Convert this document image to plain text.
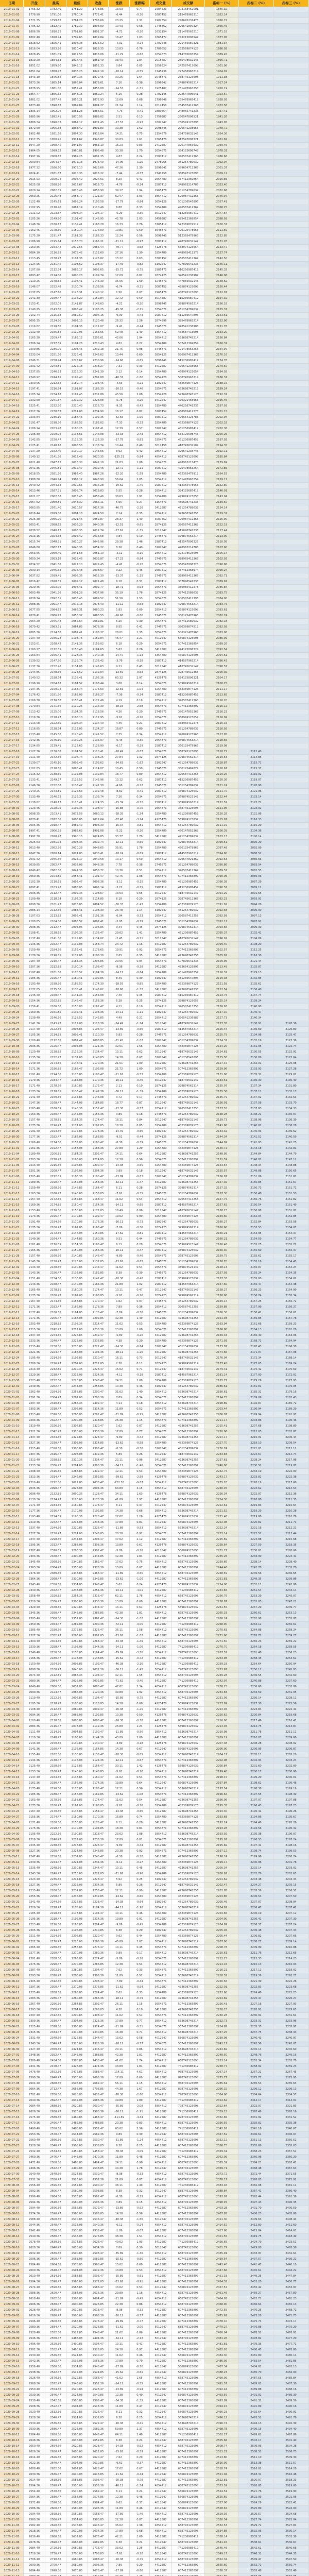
日期	开盘	最高	最低	收盘	涨跌	涨跌幅	成交量	成交额	指标一 (%)	指标二 (%)	指标三 (%)
2019-01-02	1765.32	1782.40	1751.20	1778.85	13.53	0.77	1584523	203158462501	1845.32
2019-01-03	1778.90	1791.06	1760.14	1772.41	-6.44	-0.36	1687452	215478962310	1852.14
2019-01-04	1771.35	1799.62	1764.28	1795.66	23.25	1.31	1902354	248695231478	1860.72
2019-01-07	1796.12	1812.45	1789.30	1806.09	10.43	0.58	1745862	226541897324	1866.45
2019-01-08	1806.50	1810.22	1791.08	1801.37	-4.72	-0.26	1632154	211478563210	1871.18
2019-01-09	1802.40	1828.74	1799.65	1819.84	18.47	1.03	1865472	243215896547	1877.05
2019-01-10	1818.62	1826.41	1806.38	1815.52	-4.32	-0.24	1702548	221456987321	1881.34
2019-01-11	1816.04	1833.26	1810.47	1829.35	13.83	0.76	1789652	232569874125	1886.02
2019-01-14	1828.45	1831.09	1812.56	1818.06	-11.29	-0.62	1654873	214785693254	1889.45
2019-01-15	1819.20	1854.63	1817.45	1851.49	33.43	1.84	2015487	265478932145	1895.71
2019-01-16	1851.02	1859.80	1843.12	1852.33	0.84	0.05	1856324	242587413698	1901.06
2019-01-17	1851.64	1858.47	1838.25	1842.19	-10.14	-0.55	1745236	227458963214	1904.92
2019-01-18	1843.10	1876.52	1840.36	1872.45	30.26	1.64	2045871	268745123698	1911.38
2019-01-21	1873.26	1885.14	1866.04	1879.61	7.16	0.38	1896542	249874563214	1917.24
2019-01-22	1878.95	1881.30	1852.41	1855.08	-24.53	-1.31	1925487	251478963258	1920.19
2019-01-23	1854.77	1866.32	1848.15	1860.24	5.16	0.28	1702145	222547896541	1923.67
2019-01-24	1861.02	1877.45	1856.21	1872.93	12.69	0.68	1798546	235478965412	1928.03
2019-01-25	1873.40	1898.62	1869.84	1894.27	21.34	1.14	2012458	264587412365	1933.58
2019-01-28	1895.14	1902.76	1881.23	1886.51	-7.76	-0.41	1889654	248965741236	1937.41
2019-01-29	1885.96	1892.41	1870.56	1889.02	2.51	0.13	1756987	230547896521	1941.26
2019-01-30	1888.34	1890.02	1867.17	1871.45	-17.57	-0.93	1802547	236574125896	1943.05
2019-01-31	1872.60	1905.38	1868.42	1901.83	30.38	1.62	2098745	276541238965	1948.72
2019-02-01	1902.48	1921.36	1897.30	1916.04	14.21	0.75	2154876	284759632145	1954.36
2019-02-11	1917.35	1950.21	1914.62	1946.87	30.83	1.61	2365478	312547896321	1961.82
2019-02-12	1947.20	1968.45	1941.07	1963.10	16.23	0.83	2412587	320147856932	1969.45
2019-02-13	1964.05	1999.72	1960.81	1996.48	33.38	1.70	2654871	354123698745	1978.31
2019-02-14	1997.16	2008.62	1989.25	2001.35	4.87	0.24	2587412	346587412365	1986.66
2019-02-15	2000.84	2004.37	1972.18	1976.40	-24.95	-1.25	2478965	331254789632	1992.04
2019-02-18	1977.32	2026.50	1975.10	2023.66	47.26	2.39	2896541	389654712365	2001.37
2019-02-19	2024.41	2031.87	2010.35	2016.22	-7.44	-0.37	2741258	368547123698	2009.12
2019-02-20	2015.93	2029.74	2006.42	2024.51	8.29	0.41	2654789	357412369854	2016.85
2019-02-21	2025.08	2038.26	2012.67	2019.73	-4.78	-0.24	2587412	348963214785	2023.40
2019-02-22	2020.14	2062.35	2018.46	2058.90	39.17	1.94	2965478	401254789632	2032.68
2019-02-25	2060.25	2126.48	2058.77	2121.37	62.47	3.03	3854712	526987412365	2045.97
2019-02-26	2122.40	2145.63	2095.24	2103.58	-17.79	-0.84	3654128	501236547896	2057.41
2019-02-27	2102.95	2118.40	2087.19	2110.46	6.88	0.33	3254789	446587412369	2068.25
2019-02-28	2111.02	2123.57	2098.34	2104.17	-6.29	-0.30	3012547	413256987412	2077.64
2019-03-01	2105.26	2149.80	2101.47	2146.95	42.78	2.03	3456987	475412369854	2088.92
2019-03-04	2148.36	2180.62	2139.41	2163.28	16.33	0.76	3785412	522369874512	2100.37
2019-03-05	2162.45	2178.30	2150.14	2174.09	10.81	0.50	3545871	490125478963	2111.59
2019-03-06	2175.20	2191.47	2161.38	2186.33	12.24	0.56	3698745	512365478965	2122.85
2019-03-07	2186.90	2195.64	2158.70	2165.21	-21.12	-0.97	3587412	498745632147	2131.26
2019-03-08	2160.35	2163.42	2079.56	2085.44	-79.77	-3.68	4125478	568974123654	2133.47
2019-03-11	2084.10	2116.85	2078.42	2112.60	27.16	1.30	3254789	448965412378	2137.74
2019-03-12	2113.45	2138.27	2107.36	2125.82	13.22	0.63	3387452	466587412369	2142.50
2019-03-13	2124.96	2131.45	2103.62	2108.37	-17.45	-0.82	3102547	427896541236	2145.11
2019-03-14	2107.80	2112.34	2086.17	2092.65	-15.72	-0.75	2985471	410256987412	2145.32
2019-03-15	2093.42	2114.06	2090.28	2109.74	17.09	0.82	2874125	396541236987	2146.06
2019-03-18	2110.26	2148.52	2106.41	2145.30	35.56	1.69	3245871	447856932145	2148.62
2019-03-19	2146.07	2152.48	2130.74	2138.56	-6.74	-0.31	3087452	425874123698	2150.44
2019-03-20	2137.85	2147.60	2126.31	2140.12	1.56	0.07	2965478	408745123698	2152.07
2019-03-21	2141.30	2159.47	2134.29	2152.84	12.72	0.59	3014587	415236987412	2154.32
2019-03-22	2153.41	2162.05	2141.87	2148.63	-4.21	-0.20	2898745	399874563214	2156.18
2019-03-25	2140.25	2143.30	2098.42	2103.25	-45.38	-2.11	3354871	461254789632	2155.37
2019-03-26	2102.74	2115.38	2089.62	2094.16	-9.09	-0.43	2987412	411236547896	2153.61
2019-03-27	2095.35	2124.70	2092.15	2120.48	26.32	1.26	2874596	395478963214	2152.96
2019-03-28	2119.82	2128.56	2104.36	2111.07	-9.41	-0.44	2745871	378541236985	2151.78
2019-03-29	2112.40	2165.82	2110.95	2163.55	52.48	2.49	3354712	462587413698	2153.20
2019-04-01	2165.30	2209.47	2163.12	2205.61	42.06	1.94	3854712	533698745214	2156.84
2019-04-02	2206.14	2217.35	2194.26	2210.43	4.82	0.22	3654789	507412369854	2160.31
2019-04-03	2209.86	2236.70	2203.45	2232.18	21.75	0.98	3745871	521478963258	2164.97
2019-04-04	2233.04	2251.36	2226.41	2245.62	13.44	0.60	3854125	536987412365	2170.16
2019-04-08	2246.31	2258.44	2225.67	2230.96	-14.66	-0.65	3698741	515236987412	2174.78
2019-04-09	2231.42	2243.51	2222.18	2238.27	7.31	0.33	3412587	476541238965	2179.50
2019-04-10	2237.85	2246.93	2216.30	2241.39	3.12	0.14	3354789	468974123654	2184.02
2019-04-11	2240.92	2244.15	2195.40	2201.08	-40.31	-1.80	3654128	508745963214	2186.31
2019-04-12	2200.56	2212.32	2189.74	2196.45	-4.63	-0.21	3102547	432569874125	2188.15
2019-04-15	2197.41	2216.84	2181.07	2186.30	-10.15	-0.46	3254871	453698745213	2189.24
2019-04-16	2185.74	2234.18	2182.45	2231.86	45.56	2.08	3754128	523698745123	2192.31
2019-04-17	2232.60	2241.57	2219.32	2226.08	-5.78	-0.26	3412547	476321458963	2195.46
2019-04-18	2225.41	2232.76	2210.40	2216.73	-9.35	-0.42	3154789	440258741236	2197.93
2019-04-19	2217.36	2238.52	2211.08	2234.90	18.17	0.82	3287452	458965412378	2201.15
2019-04-22	2233.84	2236.10	2187.46	2192.35	-42.55	-1.90	3587412	499654123785	2202.04
2019-04-23	2191.47	2198.36	2168.52	2185.02	-7.33	-0.33	3254789	452369874125	2202.18
2019-04-24	2186.14	2203.48	2180.25	2197.41	12.39	0.57	3102547	431256987412	2202.36
2019-04-25	2196.30	2199.02	2138.61	2144.08	-53.33	-2.43	3854712	534125698745	2200.26
2019-04-26	2142.85	2150.47	2118.36	2126.30	-17.78	-0.83	3254871	451236987452	2197.02
2019-04-29	2125.41	2140.18	2098.56	2136.74	10.44	0.49	3012458	418745632189	2194.35
2019-04-30	2137.29	2152.40	2130.17	2145.66	8.92	0.42	2854712	396541238745	2192.11
2019-05-06	2140.12	2141.36	2012.48	2020.35	-125.31	-5.84	4854712	668745123698	2185.84
2019-05-07	2021.40	2047.62	2016.30	2042.18	21.83	1.08	3254871	448963215478	2179.69
2019-05-08	2041.36	2045.81	2012.47	2019.46	-22.72	-1.11	3087412	425478963254	2172.86
2019-05-09	2018.55	2021.36	1982.40	1987.26	-32.20	-1.59	3354789	462365478912	2164.53
2019-05-10	1988.30	2046.74	1985.12	2043.90	56.64	2.85	3854712	531478963254	2159.17
2019-05-13	2040.42	2044.38	2010.65	2014.28	-29.62	-1.45	2987412	412365478963	2152.80
2019-05-14	2013.46	2027.31	2005.74	2019.83	5.55	0.28	2854712	394125687412	2146.91
2019-05-15	2021.07	2062.38	2018.45	2058.46	38.63	1.91	3254789	449874123658	2143.04
2019-05-16	2057.62	2069.51	2048.32	2064.11	5.65	0.27	3154871	435698741236	2139.50
2019-05-17	2063.85	2071.40	2010.57	2017.36	-46.75	-2.26	3412587	471254789632	2134.14
2019-05-20	2016.44	2029.36	2004.18	2024.50	7.14	0.35	2854712	393658741256	2129.31
2019-05-21	2025.38	2056.70	2021.46	2052.87	28.37	1.40	3087452	426987412365	2125.90
2019-05-22	2053.41	2058.62	2036.29	2040.36	-12.51	-0.61	2874125	396587412369	2122.19
2019-05-23	2038.52	2040.17	2008.35	2012.74	-27.62	-1.35	3012547	415698741236	2117.44
2019-05-24	2013.16	2024.38	2005.42	2016.58	3.84	0.19	2745871	379874563214	2113.00
2019-05-27	2015.74	2048.31	2010.27	2045.96	29.38	1.46	2987412	412547896325	2110.05
2019-05-28	2046.80	2062.17	2040.35	2054.22	8.26	0.40	3102547	428963214785	2107.60
2019-05-29	2053.65	2059.40	2041.58	2051.10	-3.12	-0.15	2854712	394178523698	2105.14
2019-05-30	2050.24	2053.18	2028.46	2033.87	-17.23	-0.84	2745871	378965412365	2102.03
2019-05-31	2034.52	2041.36	2022.10	2029.45	-4.42	-0.22	2654871	366547896325	2098.86
2019-06-03	2030.14	2045.62	2016.48	2038.67	9.22	0.45	2587412	357412368974	2096.24
2019-06-04	2037.82	2039.41	2008.36	2015.30	-23.37	-1.15	2745871	378965412365	2092.71
2019-06-05	2016.42	2028.35	2009.17	2021.48	6.18	0.31	2587412	357896541236	2089.61
2019-06-06	2020.35	2023.06	1996.41	2002.77	-18.71	-0.93	2654871	366985412378	2085.84
2019-06-10	2003.40	2041.36	2001.28	2037.96	35.19	1.76	2874125	397412589632	2083.75
2019-06-11	2038.74	2092.31	2036.45	2089.52	51.56	2.53	3654871	506587412396	2084.00
2019-06-12	2088.36	2091.47	2072.18	2078.40	-11.12	-0.53	3102547	429874563214	2083.76
2019-06-13	2077.85	2084.62	2066.31	2080.23	1.83	0.09	2854712	395874123698	2083.61
2019-06-14	2079.41	2086.72	2058.37	2063.55	-16.68	-0.80	2745871	380125478963	2082.74
2019-06-17	2064.20	2075.48	2052.64	2069.81	6.26	0.30	2654871	367412589632	2082.18
2019-06-18	2070.42	2083.71	2064.85	2078.36	8.55	0.41	2745871	380369874512	2082.02
2019-06-19	2085.36	2124.58	2082.41	2106.37	28.01	1.35	3654871	506321478963	2083.06
2019-06-20	2107.40	2156.28	2103.75	2152.84	46.47	2.21	4012547	556874123698	2086.09
2019-06-21	2153.61	2168.42	2141.36	2159.02	6.18	0.29	3654871	507412369854	2089.26
2019-06-24	2160.27	2172.35	2150.48	2164.65	5.63	0.26	3412587	474125896324	2092.54
2019-06-25	2163.84	2166.41	2128.36	2140.18	-24.47	-1.13	3354789	465874123698	2094.61
2019-06-26	2139.52	2147.30	2128.74	2136.42	-3.76	-0.18	2987412	414587963214	2096.43
2019-06-27	2137.36	2152.48	2134.06	2145.63	9.21	0.43	3012547	418745632147	2098.57
2019-06-28	2144.85	2148.36	2124.52	2132.04	-13.59	-0.63	2874125	398745612365	2100.02
2019-07-01	2140.52	2198.74	2138.41	2195.36	63.32	2.97	4125478	574125896321	2104.17
2019-07-02	2196.10	2204.63	2184.52	2198.44	3.08	0.14	3654871	509874563214	2108.25
2019-07-03	2197.35	2199.02	2168.74	2175.63	-22.81	-1.04	3254789	452369874125	2111.17
2019-07-04	2176.42	2181.36	2162.08	2168.27	-7.36	-0.34	2987412	415236987452	2113.65
2019-07-05	2169.30	2176.58	2158.41	2172.46	4.19	0.19	2854712	396587412365	2116.20
2019-07-08	2170.84	2171.36	2110.25	2114.30	-58.16	-2.68	3654871	507412365897	2116.12
2019-07-09	2113.42	2125.06	2104.36	2118.56	4.26	0.20	2745871	380147852369	2116.23
2019-07-10	2119.36	2128.47	2108.10	2112.95	-5.61	-0.26	2654871	368974123654	2116.09
2019-07-11	2113.08	2122.65	2106.34	2117.40	4.45	0.21	2587412	358965412378	2116.15
2019-07-12	2116.85	2138.74	2112.05	2134.27	16.87	0.80	2745871	381254789632	2116.92
2019-07-15	2133.40	2145.36	2120.48	2141.52	7.25	0.34	2854712	396874125963	2117.95
2019-07-16	2142.36	2146.10	2130.25	2135.07	-6.45	-0.30	2654871	369874563214	2118.66
2019-07-17	2134.85	2139.41	2122.63	2128.90	-6.17	-0.29	2587412	360125478963	2119.08
2019-07-18	2127.36	2130.08	2104.52	2110.41	-18.49	-0.87	2654871	368745123698	2118.72	2112.40
2019-07-19	2111.40	2142.36	2108.74	2138.25	27.84	1.32	2874125	399874562314	2119.53	2114.85
2019-07-22	2139.07	2145.10	2098.46	2103.62	-34.63	-1.62	3102547	431254789632	2118.87	2115.72
2019-07-23	2102.85	2118.36	2096.41	2114.07	10.45	0.50	2745871	380125469874	2118.67	2115.37
2019-07-24	2115.32	2138.65	2112.08	2132.84	18.77	0.89	2854712	396587413258	2119.25	2116.92
2019-07-25	2133.41	2149.37	2128.52	2145.96	13.12	0.62	2987412	415236987452	2120.36	2119.07
2019-07-26	2146.36	2152.08	2136.47	2141.30	-4.66	-0.22	2745871	381254789632	2121.24	2120.90
2019-07-29	2140.25	2143.85	2125.63	2132.48	-8.82	-0.41	2587412	359874125632	2121.70	2121.96
2019-07-30	2133.40	2146.72	2128.35	2139.74	7.26	0.34	2654871	369874523147	2122.44	2123.14
2019-07-31	2138.62	2140.17	2118.41	2124.35	-15.39	-0.72	2587412	359874563214	2122.52	2123.72
2019-08-01	2123.46	2128.05	2102.36	2108.47	-15.88	-0.75	2654871	368745123698	2121.96	2123.02
2019-08-02	2098.35	2103.41	2072.58	2080.12	-28.35	-1.34	3254789	451236987452	2120.28	2121.06
2019-08-05	2070.41	2072.36	2006.85	2012.64	-67.48	-3.24	4125478	569874125632	2115.97	2116.33
2019-08-06	2005.36	2018.47	1982.40	1996.30	-16.34	-0.81	3854712	531254789632	2111.19	2110.20
2019-08-07	1997.41	2006.35	1985.62	1991.08	-5.22	-0.26	3254789	450147852369	2106.39	2104.36
2019-08-08	1992.30	2028.47	1990.15	2024.85	33.77	1.70	3412587	471254789632	2103.13	2100.14
2019-08-09	2025.63	2031.04	2008.36	2012.74	-12.11	-0.60	3102547	429874563214	2099.51	2095.20
2019-08-12	2013.40	2052.36	2010.28	2048.65	35.91	1.78	3254789	450125478963	2097.48	2092.09
2019-08-13	2047.36	2050.14	2024.85	2030.41	-18.24	-0.89	2987412	414587963214	2094.80	2088.52
2019-08-14	2031.42	2045.36	2025.17	2040.58	10.17	0.50	2854712	396547821369	2092.63	2085.66
2019-08-15	2039.85	2052.47	2032.08	2048.36	7.78	0.38	2745871	381254789632	2090.86	2083.54
2019-08-16	2049.42	2062.30	2041.36	2058.72	10.36	0.51	2854712	396587412369	2089.57	2082.55
2019-08-19	2060.36	2104.85	2058.41	2101.47	42.75	2.08	3654871	507412365897	2090.05	2085.06
2019-08-20	2102.30	2110.65	2092.47	2098.36	-3.11	-0.15	3254789	451236987452	2090.38	2087.29
2019-08-21	2097.41	2103.28	2088.05	2095.14	-3.22	-0.15	2987412	415236987452	2090.57	2089.12
2019-08-22	2096.36	2112.47	2092.36	2108.67	13.53	0.65	3012547	418745632147	2091.29	2091.65
2019-08-23	2109.40	2118.74	2102.36	2114.85	6.18	0.29	2874125	398745612365	2092.23	2093.91
2019-08-26	2098.36	2101.47	2076.85	2084.52	-30.33	-1.43	3254789	452369874125	2091.92	2094.20
2019-08-27	2086.14	2112.36	2083.41	2108.30	23.78	1.14	3102547	431254789632	2092.58	2096.00
2019-08-28	2107.63	2113.85	2096.41	2101.36	-6.94	-0.33	2854712	396587413258	2092.93	2097.13
2019-08-29	2100.85	2104.36	2088.52	2097.41	-3.95	-0.19	2745871	381254789632	2093.11	2097.92
2019-08-30	2098.36	2112.47	2094.06	2106.85	9.44	0.45	2874125	399874562314	2093.66	2099.39
2019-09-02	2108.41	2138.65	2106.36	2136.47	29.62	1.41	3254789	451236987452	2095.37	2102.41
2019-09-03	2137.40	2141.36	2125.85	2134.02	-2.45	-0.11	3012547	418745632147	2096.92	2104.89
2019-09-04	2135.36	2162.47	2132.08	2158.74	24.72	1.16	3412587	471254789632	2099.40	2108.20
2019-09-05	2159.40	2184.36	2155.41	2178.65	19.91	0.92	3654871	507412365897	2102.57	2112.25
2019-09-06	2179.36	2190.85	2172.06	2186.30	7.65	0.35	3412587	473698741256	2105.92	2116.30
2019-09-09	2187.40	2210.47	2184.36	2206.85	20.55	0.94	3654871	507896541236	2109.95	2121.44
2019-09-10	2207.36	2212.85	2190.14	2198.47	-8.38	-0.38	3412587	473654125896	2113.49	2125.87
2019-09-11	2197.40	2201.36	2178.52	2184.36	-14.11	-0.64	3254789	451478963254	2116.32	2129.13
2019-09-12	2185.36	2196.47	2180.41	2192.85	8.49	0.39	3102547	431236547896	2119.38	2132.85
2019-09-16	2193.40	2198.36	2168.52	2174.30	-18.55	-0.85	3254789	452369874125	2121.58	2135.61
2019-09-17	2172.85	2175.36	2138.41	2145.62	-28.68	-1.32	3412587	473698541236	2122.54	2136.40
2019-09-18	2146.40	2158.47	2141.36	2153.08	7.46	0.35	2987412	415236987412	2123.76	2137.74
2019-09-19	2154.36	2162.85	2146.47	2158.36	5.28	0.25	2874125	399874123658	2125.14	2139.24
2019-09-20	2159.41	2166.36	2150.08	2162.47	4.11	0.19	2854712	396587413258	2126.63	2140.90
2019-09-23	2160.36	2161.85	2132.41	2138.36	-24.11	-1.11	3102547	431254789632	2127.10	2140.47
2019-09-24	2139.40	2146.36	2128.52	2142.85	4.49	0.21	2854712	396541236987	2127.73	2140.34
2019-09-25	2141.36	2143.47	2112.08	2118.36	-24.49	-1.14	3012547	418745632147	2127.35	2138.91	2128.36
2019-09-26	2117.40	2122.36	2098.85	2104.47	-13.89	-0.66	2987412	414587963214	2126.44	2136.69	2126.80
2019-09-27	2105.36	2114.85	2098.41	2110.30	5.83	0.28	2745871	381254789632	2125.79	2134.98	2125.47
2019-09-30	2109.40	2112.36	2082.47	2088.85	-21.45	-1.02	3102547	431254789632	2124.32	2132.19	2123.36
2019-10-08	2096.36	2126.47	2094.08	2121.36	32.51	1.56	3254789	452369874125	2124.20	2131.05	2122.74
2019-10-09	2120.40	2138.85	2116.36	2134.47	13.11	0.62	3012547	418745632147	2124.61	2130.55	2122.91
2019-10-10	2135.36	2152.47	2131.08	2148.85	14.38	0.67	3102547	431236547896	2125.58	2130.89	2123.64
2019-10-11	2149.40	2174.36	2146.41	2170.36	21.51	1.00	3412587	473698741256	2127.37	2132.01	2125.08
2019-10-14	2171.36	2196.85	2168.47	2192.08	21.72	1.00	3654871	507412365897	2129.96	2133.93	2127.28
2019-10-15	2191.40	2194.36	2176.85	2180.47	-11.61	-0.53	3254789	452369874125	2131.98	2135.32	2129.02
2019-10-16	2179.36	2184.47	2164.08	2170.36	-10.11	-0.46	3012547	418745632147	2133.51	2136.30	2130.40
2019-10-17	2171.40	2178.36	2160.85	2172.47	2.11	0.10	2874125	399874562314	2135.07	2137.34	2131.80
2019-10-18	2173.36	2178.85	2138.47	2142.36	-30.11	-1.39	3254789	452369874125	2135.36	2137.11	2132.17
2019-10-21	2141.40	2150.36	2134.85	2146.08	3.72	0.17	2745871	381254789632	2135.79	2137.02	2132.63
2019-10-22	2147.36	2168.47	2144.08	2164.85	18.77	0.87	3012547	418745632147	2136.91	2137.58	2133.70
2019-10-23	2163.40	2166.85	2148.36	2152.47	-12.38	-0.57	2854712	396587413258	2137.53	2137.83	2134.33
2019-10-24	2153.36	2160.47	2145.08	2156.36	3.89	0.18	2745871	381254789632	2138.28	2138.21	2135.07
2019-10-25	2157.40	2178.85	2154.36	2174.47	18.11	0.84	3012547	418745632147	2139.73	2138.96	2136.39
2019-10-28	2175.36	2196.47	2171.08	2192.85	18.38	0.85	3254789	452369874125	2141.86	2140.02	2138.28
2019-10-29	2191.40	2193.36	2172.85	2178.36	-14.49	-0.66	3102547	431254789632	2143.32	2140.93	2139.62
2019-10-30	2177.36	2182.47	2162.08	2168.85	-9.51	-0.44	2874125	399874562314	2144.34	2141.52	2140.59
2019-10-31	2169.40	2174.36	2155.85	2160.47	-8.38	-0.39	2745871	381254789632	2144.99	2141.93	2141.25
2019-11-01	2161.36	2192.47	2158.08	2188.36	27.89	1.29	3254789	452369874125	2146.72	2143.18	2142.81
2019-11-04	2189.40	2206.85	2184.36	2202.47	14.11	0.64	3412587	473698741256	2148.95	2144.84	2144.79
2019-11-05	2203.36	2218.47	2196.08	2214.85	12.38	0.56	3654871	507412365897	2151.59	2146.82	2147.12
2019-11-06	2213.40	2216.36	2196.85	2200.47	-14.38	-0.65	3254789	452369874125	2153.54	2148.34	2148.88
2019-11-07	2201.36	2208.47	2192.08	2204.36	3.89	0.18	3012547	418745632147	2155.57	2149.88	2150.65
2019-11-08	2205.40	2212.85	2186.36	2190.47	-13.89	-0.63	3102547	431254789632	2156.97	2151.09	2151.82
2019-11-11	2189.36	2190.47	2152.08	2158.36	-32.11	-1.47	3412587	473698741256	2157.02	2150.85	2151.67
2019-11-12	2159.40	2168.36	2148.85	2164.47	6.11	0.28	2874125	399874562314	2157.32	2150.73	2151.72
2019-11-13	2163.36	2166.47	2148.08	2156.85	-7.62	-0.35	2745871	381254789632	2157.30	2150.48	2151.53
2019-11-14	2157.40	2172.36	2152.85	2168.47	11.62	0.54	2854712	396587413258	2157.75	2150.76	2151.82
2019-11-15	2169.36	2174.85	2150.47	2154.36	-14.11	-0.65	2987412	414587963214	2157.62	2150.54	2151.49
2019-11-18	2153.40	2176.36	2150.08	2172.85	18.49	0.86	3012547	418745632147	2158.23	2150.98	2151.82
2019-11-19	2173.36	2196.47	2170.85	2192.47	19.62	0.90	3254789	452369874125	2159.60	2152.04	2152.85
2019-11-20	2191.40	2194.36	2170.08	2176.36	-16.11	-0.73	3102547	431254789632	2160.27	2152.84	2153.56
2019-11-21	2175.36	2180.47	2162.85	2168.47	-7.89	-0.36	2874125	399874562314	2160.60	2153.53	2154.07
2019-11-22	2169.40	2172.36	2146.08	2150.85	-17.62	-0.81	2987412	414587963214	2160.21	2153.95	2154.37
2019-11-25	2149.36	2164.47	2144.85	2160.36	9.51	0.44	2745871	381254789632	2160.21	2154.59	2154.77
2019-11-26	2161.40	2170.85	2154.36	2166.47	6.11	0.28	2654871	369874523147	2160.46	2155.25	2155.22
2019-11-27	2165.36	2168.47	2150.08	2156.36	-10.11	-0.47	2587412	359874125632	2160.30	2155.60	2155.37
2019-11-28	2157.40	2160.36	2140.85	2146.47	-9.89	-0.46	2654871	368745123698	2159.75	2155.61	2155.17
2019-11-29	2145.36	2150.47	2126.08	2132.85	-13.62	-0.63	2745871	381254789632	2158.70	2155.16	2154.45
2019-12-02	2133.40	2148.36	2130.85	2144.47	11.62	0.54	2654871	369874523147	2158.13	2155.07	2154.24
2019-12-03	2143.36	2156.47	2138.08	2152.85	8.38	0.39	2745871	381254789632	2157.93	2155.24	2154.35
2019-12-04	2151.40	2154.36	2136.85	2142.47	-10.38	-0.48	2587412	359874125632	2157.33	2155.00	2154.02
2019-12-05	2143.36	2168.47	2140.08	2164.36	21.89	1.02	2987412	414587963214	2157.60	2155.47	2154.38
2019-12-06	2165.40	2178.85	2160.36	2174.47	10.11	0.47	3012547	418745632147	2158.27	2156.23	2154.99
2019-12-09	2175.36	2180.47	2162.08	2168.85	-5.62	-0.26	2874125	399874562314	2158.68	2156.74	2155.34
2019-12-10	2167.40	2174.36	2158.85	2170.47	1.62	0.07	2745871	381254789632	2159.14	2157.25	2155.72
2019-12-11	2171.36	2182.47	2166.08	2178.36	7.89	0.36	2854712	396587413258	2159.88	2157.99	2156.27
2019-12-12	2177.40	2180.36	2164.85	2170.47	-7.89	-0.36	2745871	381254789632	2160.30	2158.42	2156.62
2019-12-13	2171.36	2206.47	2168.08	2202.85	32.38	1.49	3412587	473698741256	2161.93	2159.85	2157.78
2019-12-16	2203.40	2218.85	2198.36	2214.47	11.62	0.53	3254789	452369874125	2163.94	2161.66	2159.23
2019-12-17	2215.36	2242.47	2212.08	2238.36	23.89	1.08	3654871	507412365897	2166.80	2164.13	2161.28
2019-12-18	2237.40	2244.36	2226.85	2232.47	-5.89	-0.26	3412587	473698741256	2169.33	2166.40	2163.06
2019-12-19	2233.36	2240.47	2222.08	2236.85	4.38	0.20	3254789	452369874125	2171.93	2168.72	2164.94
2019-12-20	2235.40	2238.36	2216.85	2222.47	-14.38	-0.64	3102547	431254789632	2173.87	2170.43	2166.38
2019-12-23	2221.36	2224.47	2188.08	2194.36	-28.11	-1.26	3412587	473698741256	2174.66	2171.07	2167.08
2019-12-24	2195.40	2214.36	2192.85	2210.47	16.11	0.73	3012547	418745632147	2176.04	2172.34	2168.14
2019-12-25	2209.36	2216.47	2202.08	2212.85	2.38	0.11	2874125	399874562314	2177.45	2173.65	2169.24
2019-12-26	2213.40	2232.85	2210.36	2228.47	15.62	0.71	3012547	418745632147	2179.41	2175.42	2170.69
2019-12-27	2229.36	2238.47	2218.08	2224.36	-4.11	-0.18	2987412	414587963214	2181.14	2177.00	2172.01
2019-12-30	2223.40	2252.36	2220.85	2248.47	24.11	1.08	3254789	452369874125	2183.72	2179.29	2173.93
2019-12-31	2249.36	2262.47	2244.08	2258.85	10.38	0.46	3102547	431254789632	2186.61	2181.81	2176.05
2020-01-02	2262.40	2294.36	2258.85	2290.47	31.62	1.40	3854712	533698745214	2190.61	2185.31	2179.16
2020-01-03	2291.36	2304.47	2282.08	2298.36	7.89	0.34	3654871	507412365897	2194.75	2189.09	2182.43
2020-01-06	2297.40	2310.85	2286.36	2302.47	4.11	0.18	3854712	533698745214	2198.89	2192.87	2185.72
2020-01-07	2303.36	2318.47	2298.08	2314.36	11.89	0.52	3654871	507412365897	2203.44	2196.94	2189.29
2020-01-08	2313.40	2316.36	2286.85	2292.47	-21.89	-0.95	3412587	473698741256	2206.87	2199.94	2191.97
2020-01-09	2293.36	2322.47	2290.08	2318.85	26.38	1.15	3654871	507412365897	2211.17	2203.86	2195.46
2020-01-10	2319.40	2326.36	2308.85	2320.47	1.62	0.07	3412587	473698741256	2215.41	2207.68	2198.89
2020-01-13	2321.36	2342.47	2318.08	2338.36	17.89	0.77	3654871	507412365897	2220.06	2212.05	2202.87
2020-01-14	2337.40	2344.36	2322.85	2328.47	-9.89	-0.42	3412587	473698741256	2224.17	2215.91	2206.44
2020-01-15	2327.36	2330.47	2308.08	2314.85	-13.62	-0.58	3254789	452369874125	2227.70	2219.10	2209.54
2020-01-16	2315.40	2320.36	2300.85	2306.47	-8.38	-0.36	3102547	431254789632	2230.74	2221.81	2212.12
2020-01-17	2307.36	2316.47	2298.08	2312.36	5.89	0.26	3012547	418745632147	2233.83	2224.67	2214.74
2020-01-20	2313.40	2338.85	2310.36	2334.47	22.11	0.96	3412587	473698741256	2237.61	2228.24	2217.98
2020-01-21	2333.36	2336.47	2294.08	2300.36	-34.11	-1.46	3654871	507412365897	2240.00	2230.52	2219.87
2020-01-22	2298.40	2316.36	2288.85	2312.47	12.11	0.53	3254789	452369874125	2242.75	2233.19	2222.00
2020-01-23	2313.36	2314.47	2246.08	2252.85	-59.62	-2.58	4125478	569874125632	2243.17	2233.82	2222.38
2020-02-03	2210.40	2212.36	2022.85	2030.47	-222.38	-9.87	5854712	798745123698	2235.28	2228.19	2217.68
2020-02-04	2035.36	2098.47	2028.08	2094.36	63.89	3.15	4854712	668745123698	2230.07	2224.62	2214.53
2020-02-05	2096.40	2132.85	2090.36	2128.47	34.11	1.63	4125478	569874125632	2226.34	2222.07	2212.36
2020-02-06	2130.36	2174.47	2126.08	2170.36	41.89	1.97	4412587	607412365897	2224.30	2220.80	2211.35
2020-02-07	2171.40	2184.36	2160.85	2178.47	8.11	0.37	4012547	556874123698	2222.61	2219.83	2210.64
2020-02-10	2177.36	2196.47	2170.08	2192.85	14.38	0.66	3854712	533698745214	2221.52	2219.29	2210.28
2020-02-11	2193.40	2224.85	2190.36	2220.47	27.62	1.26	4125478	569874125632	2221.48	2219.80	2210.79
2020-02-12	2219.36	2242.47	2214.08	2238.36	17.89	0.81	4012547	556874123698	2222.08	2220.82	2211.71
2020-02-13	2237.40	2244.36	2220.85	2226.47	-11.89	-0.53	3854712	533698745214	2222.24	2221.16	2212.21
2020-02-14	2227.36	2250.47	2224.08	2246.85	20.38	0.92	3654871	507412365897	2223.14	2222.52	2213.44
2020-02-17	2247.40	2298.36	2244.85	2294.47	47.62	2.12	4412587	607412365897	2225.69	2224.88	2215.68
2020-02-18	2295.36	2312.47	2288.08	2308.36	13.89	0.61	4125478	569874125632	2228.64	2227.59	2218.35
2020-02-19	2307.40	2316.85	2296.36	2302.47	-5.89	-0.26	4012547	556874123698	2231.27	2230.01	2220.66
2020-02-20	2303.36	2348.47	2300.08	2344.85	42.38	1.84	4412587	607412365897	2235.26	2233.90	2224.41
2020-02-21	2345.40	2368.36	2340.85	2362.47	17.62	0.75	4854712	668745123698	2239.66	2238.14	2228.40
2020-02-24	2363.36	2384.47	2356.08	2378.36	15.89	0.67	4412587	607412365897	2244.46	2242.78	2232.70
2020-02-25	2376.40	2380.36	2348.85	2366.47	-11.89	-0.50	4854712	668745123698	2248.59	2246.56	2236.65
2020-02-26	2364.36	2368.47	2330.08	2342.85	-23.62	-1.00	4412587	607412365897	2251.81	2249.35	2239.86
2020-02-27	2343.40	2356.36	2334.85	2348.47	5.62	0.24	4125478	569874125632	2254.86	2252.11	2242.86
2020-02-28	2340.36	2342.47	2248.08	2254.36	-94.11	-4.01	5412587	741236985412	2254.84	2251.54	2243.14
2020-03-02	2258.40	2320.85	2254.36	2316.47	62.11	2.76	4854712	668745123698	2256.76	2253.29	2245.07
2020-03-03	2318.36	2336.47	2308.08	2330.36	13.89	0.60	4412587	607412365897	2258.97	2255.05	2247.22
2020-03-04	2329.40	2348.36	2320.85	2344.47	14.11	0.61	4125478	569874125632	2261.55	2257.29	2249.77
2020-03-05	2345.36	2390.47	2342.08	2386.85	42.38	1.81	4854712	668745123698	2265.33	2260.61	2253.13
2020-03-06	2385.40	2388.36	2352.85	2362.47	-24.38	-1.02	4412587	607412365897	2268.24	2262.98	2255.87
2020-03-09	2350.36	2354.47	2282.08	2290.36	-72.11	-3.05	5412587	741236985412	2268.90	2263.12	2256.61
2020-03-10	2285.40	2330.36	2276.85	2326.47	36.11	1.58	4854712	668745123698	2270.63	2264.88	2258.24
2020-03-11	2327.36	2332.47	2296.08	2302.85	-23.62	-1.02	4412587	607412365897	2271.60	2265.72	2259.27
2020-03-12	2300.40	2304.36	2260.85	2268.47	-34.38	-1.49	4854712	668745123698	2271.50	2265.23	2259.22
2020-03-13	2230.36	2258.47	2198.08	2244.36	-24.11	-1.06	5412587	741236985412	2270.70	2264.18	2258.55
2020-03-16	2246.40	2250.36	2158.85	2164.47	-79.89	-3.56	5854712	798745123698	2267.51	2261.48	2256.23
2020-03-17	2166.36	2180.47	2118.08	2148.85	-15.62	-0.72	5412587	741236985412	2263.98	2258.45	2253.61
2020-03-18	2150.40	2164.36	2098.85	2102.47	-46.38	-2.16	5412587	741236985412	2259.18	2254.64	2250.04
2020-03-19	2098.36	2108.47	2040.08	2072.36	-30.11	-1.43	5854712	798745123698	2253.67	2250.12	2245.93
2020-03-20	2074.40	2112.85	2068.36	2104.47	32.11	1.55	4854712	668745123698	2249.28	2246.55	2242.60
2020-03-23	2080.36	2084.47	2026.08	2032.85	-71.62	-3.40	5412587	741236985412	2242.97	2240.88	2237.60
2020-03-24	2040.40	2086.36	2032.85	2080.47	47.62	2.34	4854712	668745123698	2238.25	2236.68	2233.89
2020-03-25	2090.36	2124.47	2086.08	2120.36	39.89	1.92	4854712	668745123698	2234.83	2233.59	2231.05
2020-03-26	2119.40	2122.36	2096.85	2104.47	-15.89	-0.75	4412587	607412365897	2231.09	2230.14	2228.11
2020-03-27	2105.36	2128.47	2100.08	2118.85	14.38	0.68	4125478	569874125632	2227.89	2227.38	2225.56
2020-03-30	2108.40	2112.36	2080.85	2092.47	-26.38	-1.25	4412587	607412365897	2224.04	2223.84	2222.41
2020-03-31	2094.36	2110.47	2088.08	2102.85	10.38	0.50	4125478	569874125632	2220.62	2220.84	2219.68
2020-04-01	2100.40	2118.36	2080.85	2086.47	-16.38	-0.78	4412587	607412365897	2216.90	2217.49	2216.41
2020-04-02	2084.36	2116.47	2078.08	2112.36	25.89	1.24	4125478	569874125632	2214.04	2214.75	2213.87
2020-04-03	2111.40	2114.36	2094.85	2100.47	-11.89	-0.56	3854712	533698745214	2210.98	2211.78	2211.11
2020-04-07	2110.36	2148.47	2106.08	2144.36	43.89	2.09	4412587	607412365897	2209.19	2210.07	2209.60
2020-04-08	2143.40	2150.36	2130.85	2140.47	-3.89	-0.18	4125478	569874125632	2207.38	2208.28	2208.02
2020-04-09	2141.36	2160.47	2136.08	2154.85	14.38	0.67	4012547	556874123698	2206.00	2206.95	2206.87
2020-04-10	2155.40	2162.36	2130.85	2136.47	-18.38	-0.85	3854712	533698745214	2204.17	2205.11	2205.20
2020-04-13	2134.36	2138.47	2118.08	2124.36	-12.11	-0.57	3654871	507412365897	2202.08	2202.94	2203.24
2020-04-14	2125.40	2158.36	2122.85	2154.47	30.11	1.42	4125478	569874125632	2200.84	2201.60	2202.09
2020-04-15	2153.36	2160.47	2140.08	2148.85	-5.62	-0.26	3854712	533698745214	2199.48	2200.17	2200.90
2020-04-16	2147.40	2164.36	2138.85	2160.47	11.62	0.54	3654871	507412365897	2198.47	2199.20	2200.01
2020-04-17	2161.36	2180.47	2156.08	2174.36	13.89	0.64	4012547	556874123698	2197.84	2198.62	2199.48
2020-04-20	2175.40	2190.36	2170.85	2186.47	12.11	0.56	3854712	533698745214	2197.54	2198.38	2199.19
2020-04-21	2185.36	2188.47	2156.08	2162.85	-23.62	-1.08	3654871	507412365897	2196.64	2197.55	2198.39
2020-04-22	2163.40	2178.36	2158.85	2174.47	11.62	0.54	3412587	473698741256	2196.06	2197.07	2197.88
2020-04-23	2175.36	2180.47	2162.08	2168.85	-5.62	-0.26	3254789	452369874125	2195.35	2196.43	2197.23
2020-04-24	2167.40	2170.36	2148.85	2154.47	-14.38	-0.66	3412587	473698741256	2194.30	2195.41	2196.26
2020-04-27	2155.36	2174.47	2150.08	2170.36	15.89	0.74	3254789	452369874125	2193.68	2194.86	2195.67
2020-04-28	2171.40	2180.36	2156.85	2176.47	6.11	0.28	3412587	473698741256	2193.24	2194.46	2195.26
2020-04-29	2175.36	2198.47	2170.08	2194.85	18.38	0.84	3654871	507412365897	2193.28	2194.56	2195.32
2020-04-30	2195.40	2222.36	2190.85	2218.47	23.62	1.08	3854712	533698745214	2193.92	2195.38	2196.07
2020-05-06	2219.36	2240.47	2212.08	2236.36	17.89	0.81	3654871	507412365897	2195.01	2196.53	2197.24
2020-05-07	2235.40	2238.36	2218.85	2226.47	-9.89	-0.44	3412587	473698741256	2195.82	2197.41	2198.16
2020-05-08	2227.36	2250.47	2224.08	2246.85	20.38	0.92	3654871	507412365897	2197.12	2198.74	2199.53
2020-05-11	2247.40	2256.36	2232.85	2240.47	-6.38	-0.28	3412587	473698741256	2198.24	2199.96	2200.74
2020-05-12	2239.36	2244.47	2224.08	2234.36	-6.11	-0.27	3254789	452369874125	2199.17	2200.96	2201.78
2020-05-13	2235.40	2248.36	2230.85	2244.47	10.11	0.45	3412587	473698741256	2200.34	2202.14	2203.02
2020-05-14	2243.36	2246.47	2216.08	2222.85	-21.62	-0.96	3254789	452369874125	2200.92	2202.79	2203.65
2020-05-15	2223.40	2236.36	2214.85	2228.47	5.62	0.25	3102547	431254789632	2201.62	2203.48	2204.33
2020-05-18	2227.36	2240.47	2218.08	2234.36	5.89	0.26	3012547	418745632147	2202.47	2204.27	2205.15
2020-05-19	2235.40	2260.36	2232.85	2256.47	22.11	0.99	3412587	473698741256	2203.85	2205.59	2206.52
2020-05-20	2255.36	2258.47	2236.08	2242.85	-13.62	-0.60	3254789	452369874125	2204.85	2206.53	2207.50
2020-05-21	2241.40	2244.36	2222.85	2228.47	-14.38	-0.64	3102547	431254789632	2205.46	2207.07	2208.04
2020-05-22	2226.36	2228.47	2178.08	2184.36	-44.11	-1.98	3854712	533698745214	2204.92	2206.47	2207.42
2020-05-25	2185.40	2198.36	2178.85	2194.47	10.11	0.46	3254789	452369874125	2204.65	2206.19	2207.12
2020-05-26	2195.36	2218.47	2192.08	2214.36	19.89	0.91	3412587	473698741256	2204.90	2206.41	2207.30
2020-05-27	2213.40	2216.36	2198.85	2204.47	-9.89	-0.45	3254789	452369874125	2204.89	2206.37	2207.24
2020-05-28	2205.36	2214.47	2196.08	2210.85	6.38	0.29	3102547	431254789632	2205.04	2206.48	2207.33
2020-05-29	2211.40	2224.36	2206.85	2220.47	9.62	0.44	3254789	452369874125	2205.44	2206.82	2207.66
2020-06-01	2222.36	2270.47	2220.08	2266.36	45.89	2.07	3854712	533698745214	2207.00	2208.27	2209.14
2020-06-02	2265.40	2280.36	2258.85	2276.47	10.11	0.45	3654871	507412365897	2208.78	2209.99	2210.88
2020-06-03	2277.36	2290.47	2270.08	2280.36	3.89	0.17	3854712	533698745214	2210.61	2211.76	2212.66
2020-06-04	2281.40	2288.36	2266.85	2274.47	-5.89	-0.26	3654871	507412365897	2212.25	2213.33	2214.23
2020-06-05	2275.36	2290.47	2270.08	2286.85	12.38	0.54	3854712	533698745214	2214.16	2215.13	2216.03
2020-06-08	2287.40	2302.36	2280.85	2294.47	7.62	0.33	3654871	507412365897	2216.21	2217.12	2218.02
2020-06-09	2293.36	2310.47	2288.08	2306.36	11.89	0.52	3854712	533698745214	2218.52	2219.39	2220.27
2020-06-10	2305.40	2312.36	2290.85	2298.47	-7.89	-0.34	3654871	507412365897	2220.56	2221.39	2222.26
2020-06-11	2297.36	2300.47	2270.08	2276.85	-21.62	-0.94	3412587	473698741256	2222.01	2222.83	2223.68
2020-06-12	2275.40	2288.36	2266.85	2284.47	7.62	0.33	3254789	452369874125	2223.60	2224.40	2225.23
2020-06-15	2283.36	2286.47	2260.08	2266.36	-18.11	-0.79	3412587	473698741256	2224.69	2225.47	2226.27
2020-06-16	2267.40	2296.36	2264.85	2292.47	26.11	1.15	3654871	507412365897	2226.43	2227.16	2227.93
2020-06-17	2293.36	2300.47	2284.08	2296.85	4.38	0.19	3412587	473698741256	2228.23	2228.91	2229.65
2020-06-18	2297.40	2312.36	2290.85	2308.47	11.62	0.51	3654871	507412365897	2230.28	2230.91	2231.61
2020-06-19	2309.36	2330.47	2304.08	2326.36	17.89	0.77	3854712	533698745214	2232.73	2233.31	2233.96
2020-06-22	2325.40	2328.36	2306.85	2314.47	-11.89	-0.51	3654871	507412365897	2234.82	2235.35	2235.97
2020-06-23	2315.36	2334.47	2310.08	2330.85	16.38	0.71	3854712	533698745214	2237.25	2237.75	2238.33
2020-06-24	2331.40	2348.36	2326.85	2344.47	13.62	0.58	4012547	556874123698	2239.98	2240.43	2240.97
2020-06-29	2343.36	2346.47	2320.08	2326.36	-18.11	-0.77	3654871	507412365897	2242.17	2242.56	2243.07
2020-06-30	2327.40	2350.36	2324.85	2346.47	20.11	0.86	3854712	533698745214	2244.82	2245.14	2245.60
2020-07-01	2348.36	2392.47	2346.08	2388.85	42.38	1.81	4412587	607412365897	2248.50	2248.76	2249.16
2020-07-02	2389.40	2434.36	2386.85	2430.47	41.62	1.74	4854712	668745123698	2253.14	2253.34	2253.70
2020-07-03	2431.36	2478.47	2428.08	2474.36	43.89	1.81	5412587	741236985412	2258.77	2258.92	2259.23
2020-07-06	2476.40	2592.36	2472.85	2588.47	114.11	4.61	6854712	938745123698	2267.14	2267.21	2267.45
2020-07-07	2590.36	2640.47	2570.08	2606.36	17.89	0.69	6412587	878745123698	2275.77	2275.77	2275.95
2020-07-08	2604.40	2668.36	2596.85	2662.47	56.11	2.15	6854712	938745123698	2285.61	2285.53	2285.63
2020-07-09	2664.36	2712.47	2656.08	2706.85	44.38	1.67	6412587	878745123698	2296.32	2296.12	2296.13
2020-07-10	2702.40	2706.36	2628.85	2636.47	-70.38	-2.60	5854712	798745123698	2304.96	2304.64	2304.57
2020-07-13	2640.36	2692.47	2632.08	2686.36	49.89	1.89	5412587	741236985412	2314.62	2314.17	2314.01
2020-07-14	2684.40	2688.36	2620.85	2630.47	-55.89	-2.08	5854712	798745123698	2322.64	2322.07	2321.83
2020-07-15	2626.36	2630.47	2570.08	2580.36	-50.11	-1.91	5412587	741236985412	2329.15	2328.49	2328.16
2020-07-16	2575.40	2580.36	2460.85	2468.47	-111.89	-4.34	6412587	878745123698	2332.65	2331.92	2331.52
2020-07-17	2470.36	2496.47	2462.08	2488.85	20.38	0.83	4854712	668745123698	2336.59	2335.82	2335.38
2020-07-20	2490.40	2556.36	2486.85	2552.47	63.62	2.56	5412587	741236985412	2342.01	2341.16	2340.67
2020-07-21	2553.36	2570.47	2544.08	2562.36	9.89	0.39	5012547	688745123698	2347.52	2346.61	2346.07
2020-07-22	2560.40	2566.36	2522.85	2530.47	-31.89	-1.24	4854712	668745123698	2352.12	2351.13	2350.52
2020-07-23	2528.36	2540.47	2508.08	2536.85	6.38	0.25	4412587	607412365897	2356.73	2355.69	2355.03
2020-07-24	2532.40	2534.36	2450.85	2458.47	-78.38	-3.09	5412587	741236985412	2359.31	2358.23	2357.51
2020-07-27	2460.36	2476.47	2448.08	2470.36	11.89	0.48	4412587	607412365897	2362.09	2360.96	2360.20
2020-07-28	2472.40	2500.36	2468.85	2494.47	24.11	0.98	4854712	668745123698	2365.39	2364.21	2363.41
2020-07-29	2496.36	2542.47	2490.08	2538.85	44.38	1.78	5012547	688745123698	2369.71	2368.48	2367.63
2020-07-30	2540.40	2548.36	2524.85	2530.47	-8.38	-0.33	4854712	668745123698	2373.72	2372.44	2371.55
2020-07-31	2532.36	2556.47	2526.08	2552.36	21.89	0.87	4854712	668745123698	2378.17	2376.85	2375.92
2020-08-03	2556.40	2596.36	2552.85	2590.47	38.11	1.49	5412587	741236985412	2383.46	2382.08	2381.11
2020-08-04	2592.36	2606.47	2580.08	2598.85	8.38	0.32	5012547	688745123698	2388.84	2387.41	2386.40
2020-08-05	2596.40	2604.36	2576.85	2592.47	-6.38	-0.25	4854712	668745123698	2393.92	2392.44	2391.39
2020-08-06	2594.36	2610.47	2580.08	2596.36	3.89	0.15	4854712	668745123698	2398.97	2397.43	2396.35
2020-08-07	2594.40	2596.36	2556.85	2572.47	-23.89	-0.92	4412587	607412365897	2403.28	2401.70	2400.59
2020-08-10	2574.36	2590.47	2560.08	2586.85	14.38	0.56	4412587	607412365897	2407.85	2406.23	2405.08
2020-08-11	2588.40	2600.36	2540.85	2546.47	-40.38	-1.56	5012547	688745123698	2411.30	2409.63	2408.44
2020-08-12	2544.36	2548.47	2518.08	2540.36	-6.11	-0.24	4854712	668745123698	2414.52	2412.80	2411.60
2020-08-13	2542.40	2556.36	2530.85	2538.47	-1.89	-0.07	4412587	607412365897	2417.60	2415.84	2414.61
2020-08-14	2540.36	2580.47	2536.08	2576.85	38.38	1.51	4854712	668745123698	2421.55	2419.75	2418.49
2020-08-17	2578.40	2630.36	2574.85	2626.47	49.62	1.93	5412587	741236985412	2426.65	2424.79	2423.51
2020-08-18	2628.36	2640.47	2616.08	2634.36	7.89	0.30	5012547	688745123698	2431.79	2429.88	2428.58
2020-08-19	2632.40	2636.36	2590.85	2598.47	-35.89	-1.36	4854712	668745123698	2435.91	2433.97	2432.64
2020-08-20	2596.36	2600.47	2568.08	2582.85	-15.62	-0.60	4412587	607412365897	2439.54	2437.57	2436.22
2020-08-21	2584.40	2604.36	2578.85	2598.47	15.62	0.60	4412587	607412365897	2443.48	2441.47	2440.10
2020-08-24	2600.36	2618.47	2594.08	2612.36	13.89	0.53	4854712	668745123698	2447.66	2445.61	2444.22
2020-08-25	2610.40	2614.36	2588.85	2596.47	-15.89	-0.61	4412587	607412365897	2451.33	2449.25	2447.84
2020-08-26	2594.36	2598.47	2566.08	2572.85	-23.62	-0.91	4412587	607412365897	2454.32	2452.20	2450.77
2020-08-27	2574.40	2590.36	2568.85	2586.47	13.62	0.53	4012547	556874123698	2457.57	2455.42	2453.97
2020-08-28	2588.36	2620.47	2584.08	2616.36	29.89	1.16	4854712	668745123698	2461.46	2459.27	2457.80
2020-08-31	2618.40	2632.36	2596.85	2604.47	-11.89	-0.45	4854712	668745123698	2464.95	2462.72	2461.23
2020-09-01	2606.36	2630.47	2600.08	2626.85	22.38	0.86	4854712	668745123698	2468.90	2466.64	2465.13
2020-09-02	2628.40	2636.36	2610.85	2618.47	-8.38	-0.32	4412587	607412365897	2472.55	2470.25	2468.72
2020-09-03	2616.36	2620.47	2590.08	2598.36	-20.11	-0.77	4412587	607412365897	2475.61	2473.28	2471.73
2020-09-04	2596.40	2600.36	2566.85	2578.47	-19.89	-0.77	4412587	607412365897	2478.10	2475.74	2474.17
2020-09-07	2580.36	2584.47	2520.08	2526.85	-51.62	-2.00	5012547	688745123698	2479.27	2476.88	2475.29
2020-09-08	2528.40	2552.36	2522.85	2548.47	21.62	0.86	4412587	607412365897	2480.94	2478.52	2476.91
2020-09-09	2546.36	2550.47	2488.08	2494.36	-54.11	-2.12	5012547	688745123698	2481.26	2478.82	2477.20
2020-09-10	2496.40	2520.36	2490.85	2504.47	10.11	0.41	4412587	607412365897	2481.81	2479.35	2477.71
2020-09-11	2502.36	2532.47	2498.08	2528.85	24.38	0.97	4412587	607412365897	2482.93	2480.45	2478.80
2020-09-14	2530.40	2546.36	2524.85	2540.47	11.62	0.46	4012547	556874123698	2484.30	2481.80	2480.14
2020-09-15	2542.36	2562.47	2536.08	2558.36	17.89	0.70	4412587	607412365897	2486.05	2483.54	2481.86
2020-09-16	2556.40	2560.36	2534.85	2540.47	-17.89	-0.70	4012547	556874123698	2487.34	2484.82	2483.13
2020-09-17	2538.36	2542.47	2512.08	2524.85	-15.62	-0.61	4012547	556874123698	2488.23	2485.70	2484.00
2020-09-18	2526.40	2570.36	2522.85	2566.47	41.62	1.65	4854712	668745123698	2490.09	2487.55	2485.84
2020-09-21	2568.36	2572.47	2546.08	2552.36	-14.11	-0.55	4412587	607412365897	2491.57	2489.02	2487.30
2020-09-22	2550.40	2554.36	2520.85	2528.47	-23.89	-0.94	4412587	607412365897	2492.44	2489.88	2488.16
2020-09-23	2530.36	2546.47	2524.08	2540.85	12.38	0.49	4012547	556874123698	2493.59	2491.02	2489.30
2020-09-24	2538.40	2542.36	2500.85	2506.47	-34.38	-1.35	4412587	607412365897	2493.89	2491.32	2489.59
2020-09-25	2508.36	2522.47	2504.08	2518.36	11.89	0.47	4012547	556874123698	2494.47	2491.89	2490.16
2020-09-28	2520.40	2532.36	2510.85	2526.47	8.11	0.32	4012547	556874123698	2495.23	2492.64	2490.91
2020-09-29	2528.36	2540.47	2524.08	2532.85	6.38	0.25	3854712	533698745214	2496.12	2493.52	2491.78
2020-09-30	2530.40	2536.36	2516.85	2522.47	-10.38	-0.41	3854712	533698745214	2496.74	2494.13	2492.39
2020-10-09	2530.36	2586.47	2528.08	2582.36	59.89	2.37	4854712	668745123698	2498.78	2496.15	2494.40
2020-10-12	2584.40	2650.36	2580.85	2646.47	64.11	2.48	5412587	741236985412	2502.27	2499.62	2497.86
2020-10-13	2648.36	2660.47	2636.08	2652.85	6.38	0.24	5012547	688745123698	2505.84	2503.17	2501.40
2020-10-14	2650.40	2654.36	2620.85	2628.47	-24.38	-0.92	4854712	668745123698	2508.74	2506.06	2504.28
2020-10-15	2626.36	2630.47	2600.08	2612.85	-15.62	-0.59	4412587	607412365897	2511.21	2508.52	2506.73
2020-10-16	2614.40	2626.36	2598.85	2620.47	7.62	0.29	4412587	607412365897	2513.80	2511.10	2509.30
2020-10-19	2622.36	2640.47	2604.08	2610.85	-9.62	-0.37	4412587	607412365897	2516.09	2513.38	2511.57
2020-10-20	2608.40	2632.36	2602.85	2628.47	17.62	0.67	4412587	607412365897	2518.74	2516.02	2514.20
2020-10-21	2630.36	2636.47	2610.08	2616.85	-11.62	-0.44	4012547	556874123698	2521.04	2518.31	2516.48
2020-10-22	2614.40	2618.36	2588.85	2596.47	-20.38	-0.78	4412587	607412365897	2522.81	2520.07	2518.23
2020-10-23	2594.36	2598.47	2550.08	2556.36	-40.11	-1.54	4854712	668745123698	2523.59	2520.85	2519.00
2020-10-26	2554.40	2570.36	2540.85	2562.47	6.11	0.24	4012547	556874123698	2524.51	2521.76	2519.90
2020-10-27	2564.36	2580.47	2558.08	2574.85	12.38	0.48	4012547	556874123698	2525.69	2522.93	2521.06
2020-10-28	2572.40	2590.36	2566.85	2584.47	9.62	0.37	4012547	556874123698	2527.06	2524.29	2522.41
2020-10-29	2586.36	2600.47	2580.08	2596.36	11.89	0.46	4012547	556874123698	2528.67	2525.89	2524.00
2020-10-30	2594.40	2598.36	2550.85	2558.47	-37.89	-1.46	4854712	668745123698	2529.36	2526.57	2524.68
2020-11-02	2560.36	2586.47	2554.08	2580.85	22.38	0.87	4412587	607412365897	2530.54	2527.74	2525.84
2020-11-03	2582.40	2620.36	2578.85	2616.47	35.62	1.38	4854712	668745123698	2532.53	2529.72	2527.81
2020-11-04	2618.36	2640.47	2610.08	2634.36	17.89	0.68	4854712	668745123698	2534.88	2532.06	2530.14
2020-11-05	2636.40	2680.36	2632.85	2676.47	42.11	1.60	5412587	741236985412	2538.14	2535.31	2533.38
2020-11-06	2678.36	2690.47	2666.08	2682.85	6.38	0.24	5012547	688745123698	2541.45	2538.61	2536.67
2020-11-09	2684.40	2720.36	2680.85	2716.47	33.62	1.25	5412587	741236985412	2545.46	2542.61	2540.66
2020-11-10	2718.36	2730.47	2700.08	2708.85	-7.62	-0.28	5012547	688745123698	2549.17	2546.31	2544.35
2020-11-11	2706.40	2710.36	2680.85	2688.47	-20.38	-0.75	4854712	668745123698	2552.34	2549.47	2547.50
2020-11-12	2690.36	2700.47	2680.08	2696.36	7.89	0.29	4412587	607412365897	2555.60	2552.72	2550.74
2020-11-13	2694.40	2698.36	2670.85	2678.47	-17.89	-0.66	4412587	607412365897	2558.37	2555.48	2553.49
